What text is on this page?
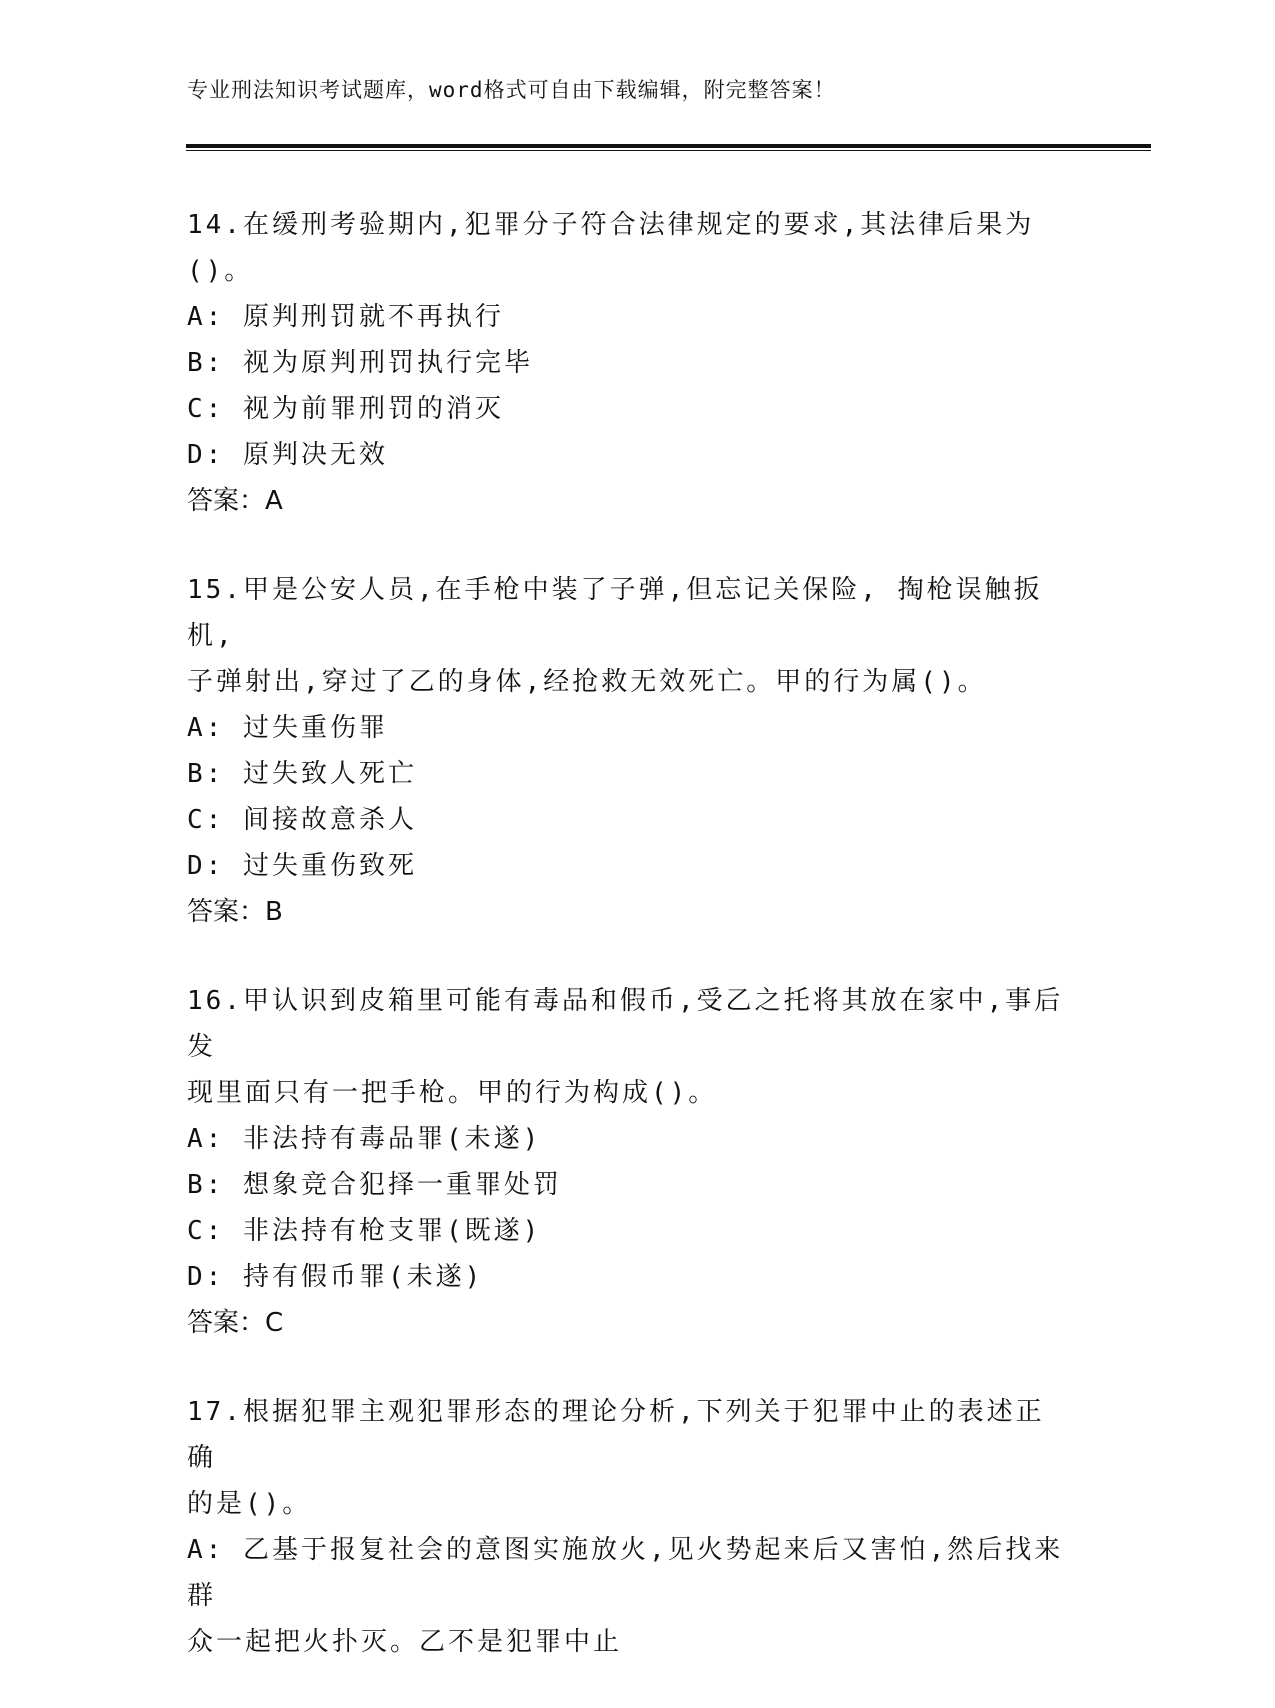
专业刑法知识考试题库，word格式可自由下载编辑，附完整答案！
14.在缓刑考验期内,犯罪分子符合法律规定的要求,其法律后果为()。
A: 原判刑罚就不再执行
B: 视为原判刑罚执行完毕
C: 视为前罪刑罚的消灭
D: 原判决无效
答案：A
15.甲是公安人员,在手枪中装了子弹,但忘记关保险, 掏枪误触扳机,
子弹射出,穿过了乙的身体,经抢救无效死亡。甲的行为属()。
A: 过失重伤罪
B: 过失致人死亡
C: 间接故意杀人
D: 过失重伤致死
答案：B
16.甲认识到皮箱里可能有毒品和假币,受乙之托将其放在家中,事后发
现里面只有一把手枪。甲的行为构成()。
A: 非法持有毒品罪(未遂)
B: 想象竞合犯择一重罪处罚
C: 非法持有枪支罪(既遂)
D: 持有假币罪(未遂)
答案：C
17.根据犯罪主观犯罪形态的理论分析,下列关于犯罪中止的表述正确
的是()。
A: 乙基于报复社会的意图实施放火,见火势起来后又害怕,然后找来群
众一起把火扑灭。乙不是犯罪中止
